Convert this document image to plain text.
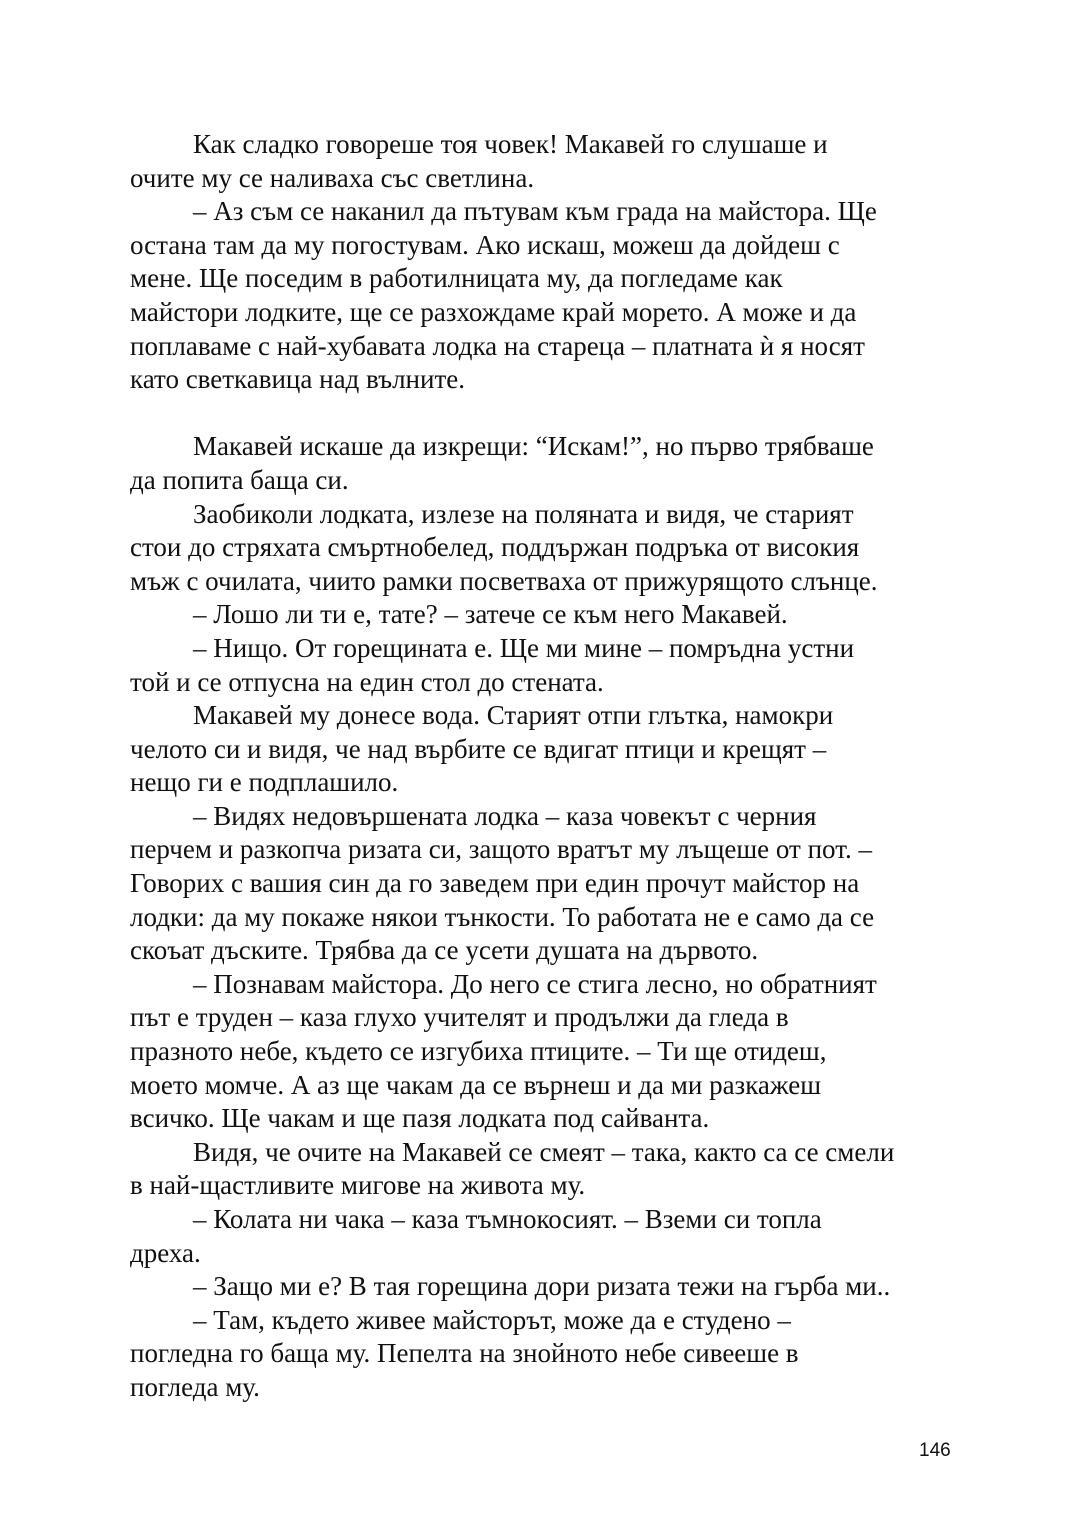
Как сладко говореше тоя човек! Макавей го слушаше и
очите му се наливаха със светлина.
– Аз съм се наканил да пътувам към града на майстора. Ще
остана там да му погостувам. Ако искаш, можеш да дойдеш с
мене. Ще поседим в работилницата му, да погледаме как
майстори лодките, ще се разхождаме край морето. А може и да
поплаваме с най-хубавата лодка на стареца – платната ѝ я носят
като светкавица над вълните.
Макавей искаше да изкрещи: “Искам!”, но първо трябваше
да попита баща си.
Заобиколи лодката, излезе на поляната и видя, че старият
стои до стряхата смъртнобелед, поддържан подръка от високия
мъж с очилата, чиито рамки посветваха от прижурящото слънце.
– Лошо ли ти е, тате? – затече се към него Макавей.
– Нищо. От горещината е. Ще ми мине – помръдна устни
той и се отпусна на един стол до стената.
Макавей му донесе вода. Старият отпи глътка, намокри
челото си и видя, че над върбите се вдигат птици и крещят –
нещо ги е подплашило.
– Видях недовършената лодка – каза човекът с черния
перчем и разкопча ризата си, защото вратът му лъщеше от пот. –
Говорих с вашия син да го заведем при един прочут майстор на
лодки: да му покаже някои тънкости. То работата не е само да се
скоъат дъските. Трябва да се усети душата на дървото.
– Познавам майстора. До него се стига лесно, но обратният
път е труден – каза глухо учителят и продължи да гледа в
празното небе, където се изгубиха птиците. – Ти ще отидеш,
моето момче. А аз ще чакам да се върнеш и да ми разкажеш
всичко. Ще чакам и ще пазя лодката под сайванта.
Видя, че очите на Макавей се смеят – така, както са се смели
в най-щастливите мигове на живота му.
– Колата ни чака – каза тъмнокосият. – Вземи си топла
дреха.
– Защо ми е? В тая горещина дори ризата тежи на гърба ми..
– Там, където живее майсторът, може да е студено –
погледна го баща му. Пепелта на знойното небе сивееше в
погледа му.
146
